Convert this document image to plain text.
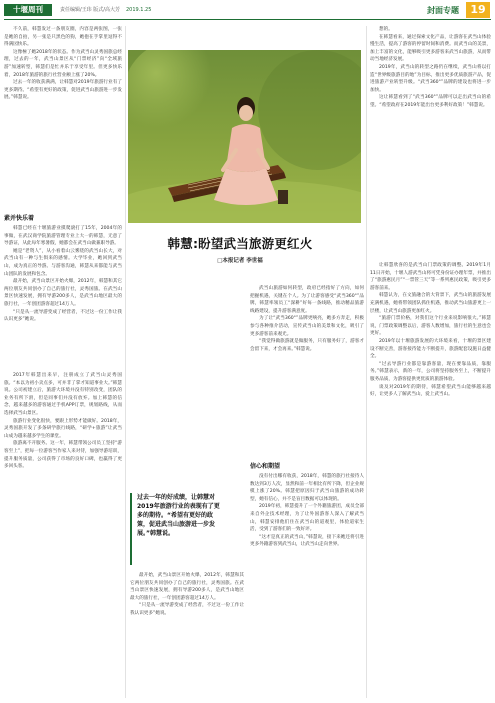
十堰周刊	责任编辑/王玮 版式/高大芳 2019.1.25	封面专题	19

不久前，韩慧发过一条朋友圈，内容是两张图，一张是她的自拍，另一张是只黑色的狗，她抱在手掌里逗得不得满园快乐。

这像極了她2018年的状态。作为武当山灵秀国旅总经理，过去的一年，武当山景区从“门票经济”向“全域旅游”加速转型，韩慧们是忙并乐于享受年里。但更多快乐着，2018年旅游的旅行社营业额上涨了20%。

过去一年的收获满满，让韩慧对2019年旅游行业有了更多期待。“希望有更好的政策，促进武当山旅游进一步发展。”韩慧说。

素并快乐着

韩慧已经在十堰旅游业摸爬滚打了15年，2004年的事做，在武汉商学院旅游管理专业上大一的韩慧，无意了导游证，从此每年寒暑假，她都会在武当山做兼职导游。

她是“老资人”，从小看着山云雾绕的武当山长大，对武当山有一种与生俱来的感情。大学毕业，她回到武当山，成为真正的导游。与游客沟通，韩慧从来都能与武当山团队的发展和包含。

最开始，武当山景区开始火爆，2012年，韩慧和其它两位朋友共同创办了自己的旅行社，灵秀国旅。在武当山景区快速发展，拥有导游200多人，是武当山地区最大的旅行社，一年创团游客超过14万人。

“只是从一流导游变成了经营者，不过这一份工作让我认识更多”她说。

2017年韩慧出来早，注册成立了武当山灵秀国旅。“本以为初小卖点多，可并非了掌才知道事业大。”韩慧说。公司初建立后，旅游大环境并没有特别改变，团队的业务有所下滑，但是同事们并没有放弃。加上韩慧的信念，越来越多的游客通过手机APP订票，规划路线，从而选择武当山景区。

旅游行业变化很快，要跟上形势才能做好。2018年，灵秀国旅开发了多条研学旅行线路，“研学+旅游”让武当山成为越来越多学生的课堂。

旅游离不开服务。这一年，韩慧带领公司员工坚持“游客至上”，把每一位游客当作家人来对待，加强导游培训，提升服务质量，公司获得了市场的良好口碑，也赢得了更多回头客。

韩慧:盼望武当旅游更红火
□本报记者 李世福

武当山旅游如何转型，政府已经指好了方向，如何把握机遇，关键在个人。为了让游客感受“武当360°”品牌，韩慧率领员工“深耕”好每一条线路，推动精品旅游线路建设，提升游客满意度。

为了让“武当360°”品牌更响亮，她多方奔走，积极参与各种推介活动，宣传武当山的美景和文化，吸引了更多游客前来观光。

“我觉得做旅游就是做服务，只有服务好了，游客才会留下来，才会再来。”韩慧说。

最开始，武当山景区开始火爆，2012年，韩慧和其它两位朋友共同创办了自己的旅行社，灵秀国旅。在武当山景区快速发展，拥有导游200多人，是武当山地区最大的旅行社，一年创团游客超过14万人。

“只是从一流导游变成了经营者，不过这一份工作让我认识更多”她说。

信心和期望

没有付出哪有收获，2018年，韩慧的旅行社接待人数达到3万人次，显然和前一年相比有所下降，但企业规模上涨了20%。韩慧把原因归于武当山旅游的成功转型，她有信心，并不是盲目数据可以体现的。

2019年初，韩慧提升了一个外籍旅游团，成员全部来自外企技术经理，为了让外国游客人深入了解武当山，韩慧安排他们住在武当山的道观里，体验道家生活，受到了游客们的一致好评。

“这才是真正的武当山，”韩慧说，接下来她还将引进更多外籍游客到武当山，让武当山走向世界。

过去一年的好成绩，让韩慧对2019年旅游行业的表现有了更多的期待。“希望有更好的政策，促进武当山旅游进一步发展。”韩慧说。

想的。

在韩慧看来，通过探索文化产品，让游客在武当山体验慢生活，提高了游客的停留时间和消费。而武当山的美景，加上丰富的文化，能够吸引更多游客来武当山旅游，从而带动当地经济发展。

2019年，武当山的转型之路仍在继续，武当山将以打造“世界级旅游目的地”为目标，推出更多优质旅游产品，促进旅游产业转型升级。“武当360°”品牌的建设也将进一步加快。

这让韩慧看到了“武当360°”品牌可以走出武当山的希望。“希望政府在2019年能出台更多利好政策！”韩慧说。

让韩慧欣喜的是武当山门票政策的调整。2019年1月11日开始，十堰人游武当山将可凭身份证办理年票，并推出了“旅游惠民月”“一票管三天”等一系列惠民政策，吸引更多游客前来。

韩慧认为，在文旅融合的大背景下，武当山的旅游发展充满机遇，她将带领团队抓住机遇，推动武当山旅游更上一层楼，让武当山旅游更加红火。

“旅游门票价格，对我们这个行业来说影响很大。”韩慧说，门票政策调整以后，游客人数增加，旅行社的生意也会更好。

2019年以十堰旅游发展的大环境来看，十堰的景区建设不断完善，游客接待能力不断提升，旅游配套设施日益健全。

“过去导游行业都是靠游客量，现在要靠品质，靠服务。”韩慧表示，新的一年，公司将坚持服务至上，不断提升服务品质，为游客提供更优质的旅游体验。

谈及对2019年的期待，韩慧希望武当山能够越来越好，让更多人了解武当山，爱上武当山。
